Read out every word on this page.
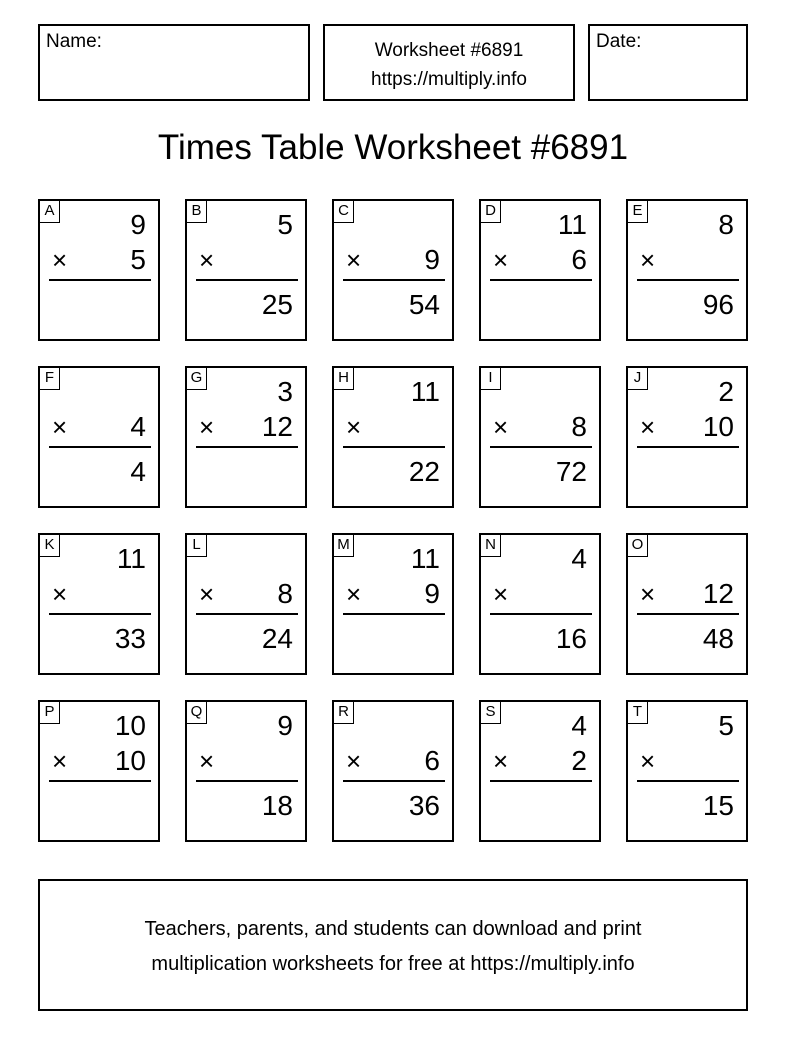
Name:	Worksheet #6891
https://multiply.info
Date:
Times Table Worksheet #6891
A	9
× 5
B	5
×
25
C
× 9
54
D 11
× 6
E	8
×
96
F
× 4
4
G	3
× 12
H 11
×
22
I
× 8
72
J	2
× 10
K 11
×
33
L
× 8
24
M 11
× 9
N	4
×
16
O
× 12
48
P 10
× 10
Q	9
×
18
R
× 6
36
S	4
× 2
T	5
×
15
Teachers, parents, and students can download and print
multiplication worksheets for free at https://multiply.info
